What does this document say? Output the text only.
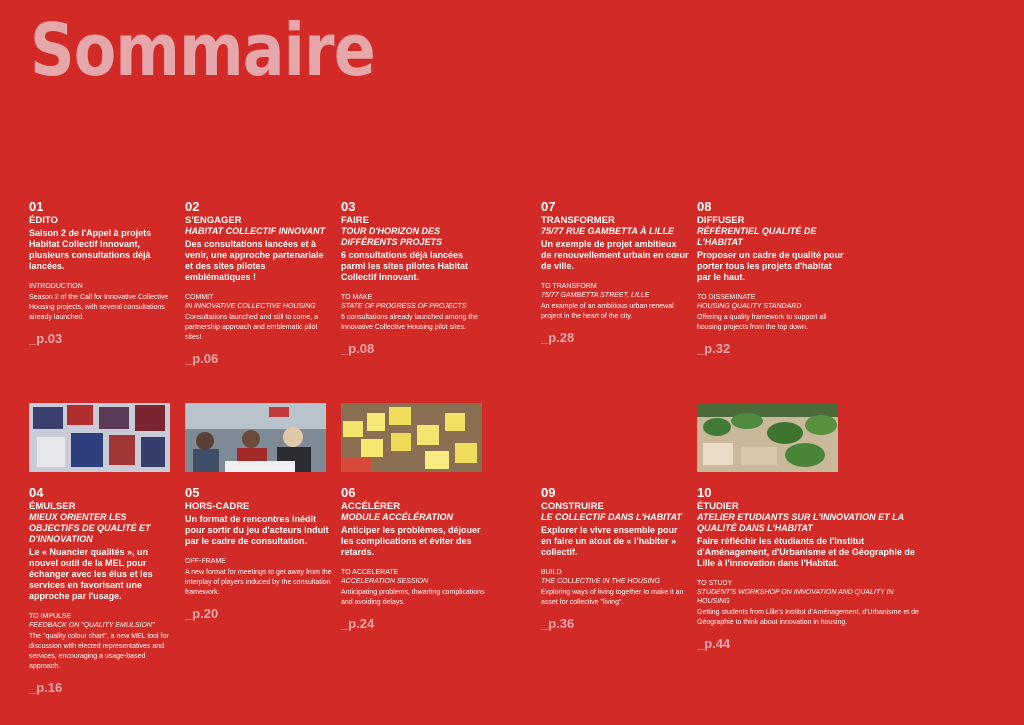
Sommaire
01
ÉDITO
Saison 2 de l'Appel à projets Habitat Collectif Innovant, plusieurs consultations déjà lancées.
INTRODUCTION
Season 2 of the Call for Innovative Collective Housing projects, with several consultations already launched.
_p.03
02
S'ENGAGER
HABITAT COLLECTIF INNOVANT
Des consultations lancées et à venir, une approche partenariale et des sites pilotes emblématiques !
COMMIT
IN INNOVATIVE COLLECTIVE HOUSING
Consultations launched and still to come, a partnership approach and emblematic pilot sites!
_p.06
03
FAIRE
TOUR D'HORIZON DES DIFFÉRENTS PROJETS
6 consultations déjà lancées parmi les sites pilotes Habitat Collectif Innovant.
TO MAKE
STATE OF PROGRESS OF PROJECTS
6 consultations already launched among the Innovative Collective Housing pilot sites.
_p.08
07
TRANSFORMER
75/77 RUE GAMBETTA À LILLE
Un exemple de projet ambitieux de renouvellement urbain en cœur de ville.
TO TRANSFORM
75/77 GAMBETTA STREET, LILLE
An example of an ambitious urban renewal project in the heart of the city.
_p.28
08
DIFFUSER
RÉFÉRENTIEL QUALITÉ DE L'HABITAT
Proposer un cadre de qualité pour porter tous les projets d'habitat par le haut.
TO DISSEMINATE
HOUSING QUALITY STANDARD
Offering a quality framework to support all housing projects from the top down.
_p.32
04
ÉMULSER
MIEUX ORIENTER LES OBJECTIFS DE QUALITÉ ET D'INNOVATION
Le « Nuancier qualités », un nouvel outil de la MEL pour échanger avec les élus et les services en favorisant une approche par l'usage.
TO IMPULSE
FEEDBACK ON "QUALITY EMULSION"
The "quality colour chart", a new MEL tool for discussion with elected representatives and services, encouraging a usage-based approach.
_p.16
05
HORS-CADRE
Un format de rencontres inédit pour sortir du jeu d'acteurs induit par le cadre de consultation.
OFF-FRAME
A new format for meetings to get away from the interplay of players induced by the consultation framework.
_p.20
06
ACCÉLÉRER
MODULE ACCÉLÉRATION
Anticiper les problèmes, déjouer les complications et éviter des retards.
TO ACCELERATE
ACCELERATION SESSION
Anticipating problems, thwarting complications and avoiding delays.
_p.24
09
CONSTRUIRE
LE COLLECTIF DANS L'HABITAT
Explorer le vivre ensemble pour en faire un atout de « l'habiter » collectif.
BUILD
THE COLLECTIVE IN THE HOUSING
Exploring ways of living together to make it an asset for collective "living".
_p.36
10
ÉTUDIER
ATELIER ETUDIANTS SUR L'INNOVATION ET LA QUALITÉ DANS L'HABITAT
Faire réfléchir les étudiants de l'Institut d'Aménagement, d'Urbanisme et de Géographie de Lille à l'innovation dans l'Habitat.
TO STUDY
STUDENT'S WORKSHOP ON INNOVATION AND QUALITY IN HOUSING
Getting students from Lille's Institut d'Aménagement, d'Urbanisme et de Géographie to think about innovation in housing.
_p.44
